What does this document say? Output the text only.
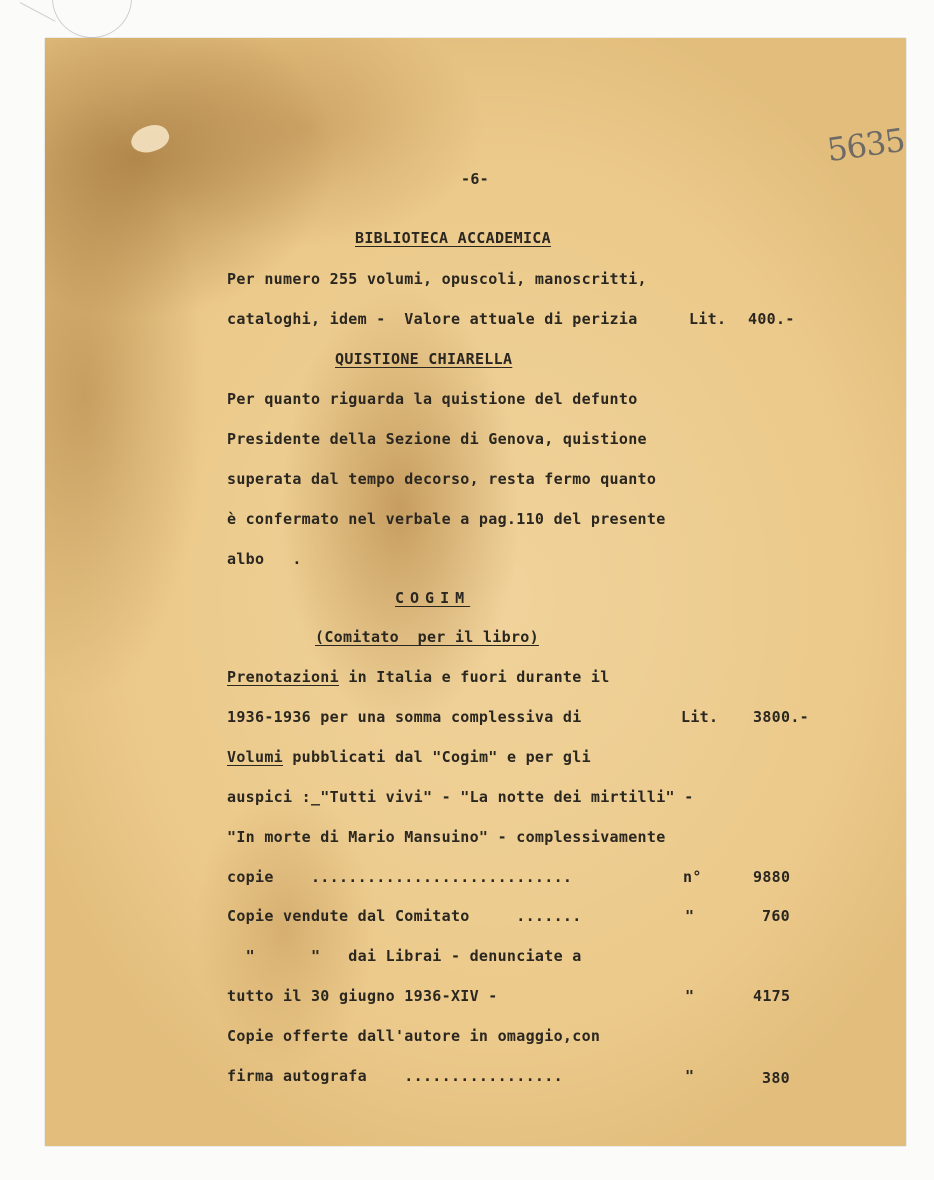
5635
-6-
BIBLIOTECA ACCADEMICA
Per numero 255 volumi, opuscoli, manoscritti,
cataloghi, idem -  Valore attuale di perizia	Lit. 400.-
QUISTIONE CHIARELLA
Per quanto riguarda la quistione del defunto
Presidente della Sezione di Genova, quistione
superata dal tempo decorso, resta fermo quanto
è confermato nel verbale a pag.110 del presente
albo   .
COGIM
(Comitato  per il libro)
Prenotazioni in Italia e fuori durante il
1936-1936 per una somma complessiva di	Lit. 3800.-
Volumi pubblicati dal "Cogim" e per gli
auspici :_"Tutti vivi" - "La notte dei mirtilli" -
"In morte di Mario Mansuino" - complessivamente
copie    ............................	n°	9880
Copie vendute dal Comitato     .......	"	760
"      "   dai Librai - denunciate a
tutto il 30 giugno 1936-XIV -	"	4175
Copie offerte dall'autore in omaggio,con
firma autografa    .................	"	380
